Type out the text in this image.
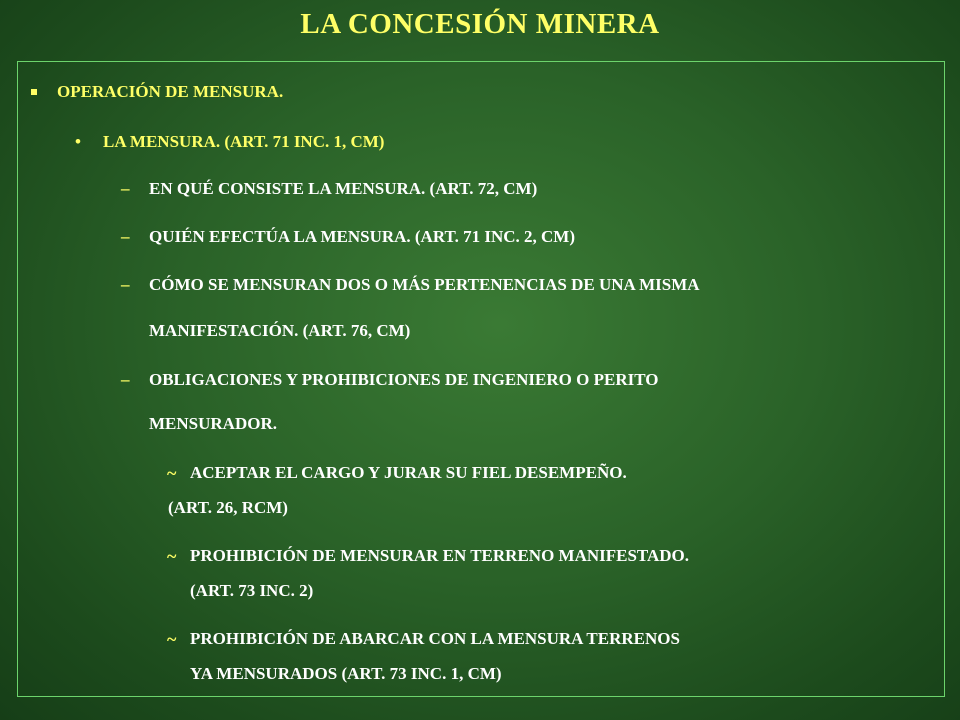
LA CONCESIÓN MINERA
OPERACIÓN DE MENSURA.
• LA MENSURA. (ART. 71 INC. 1, CM)
– EN QUÉ CONSISTE LA MENSURA. (ART. 72, CM)
– QUIÉN EFECTÚA LA MENSURA. (ART. 71 INC. 2, CM)
– CÓMO SE MENSURAN DOS O MÁS PERTENENCIAS DE UNA MISMA
MANIFESTACIÓN. (ART. 76, CM)
– OBLIGACIONES Y PROHIBICIONES DE INGENIERO O PERITO
MENSURADOR.
~ ACEPTAR EL CARGO Y JURAR SU FIEL DESEMPEÑO.
(ART. 26, RCM)
~ PROHIBICIÓN DE MENSURAR EN TERRENO MANIFESTADO.
(ART. 73 INC. 2)
~ PROHIBICIÓN DE ABARCAR CON LA MENSURA TERRENOS
YA MENSURADOS (ART. 73 INC. 1, CM)
